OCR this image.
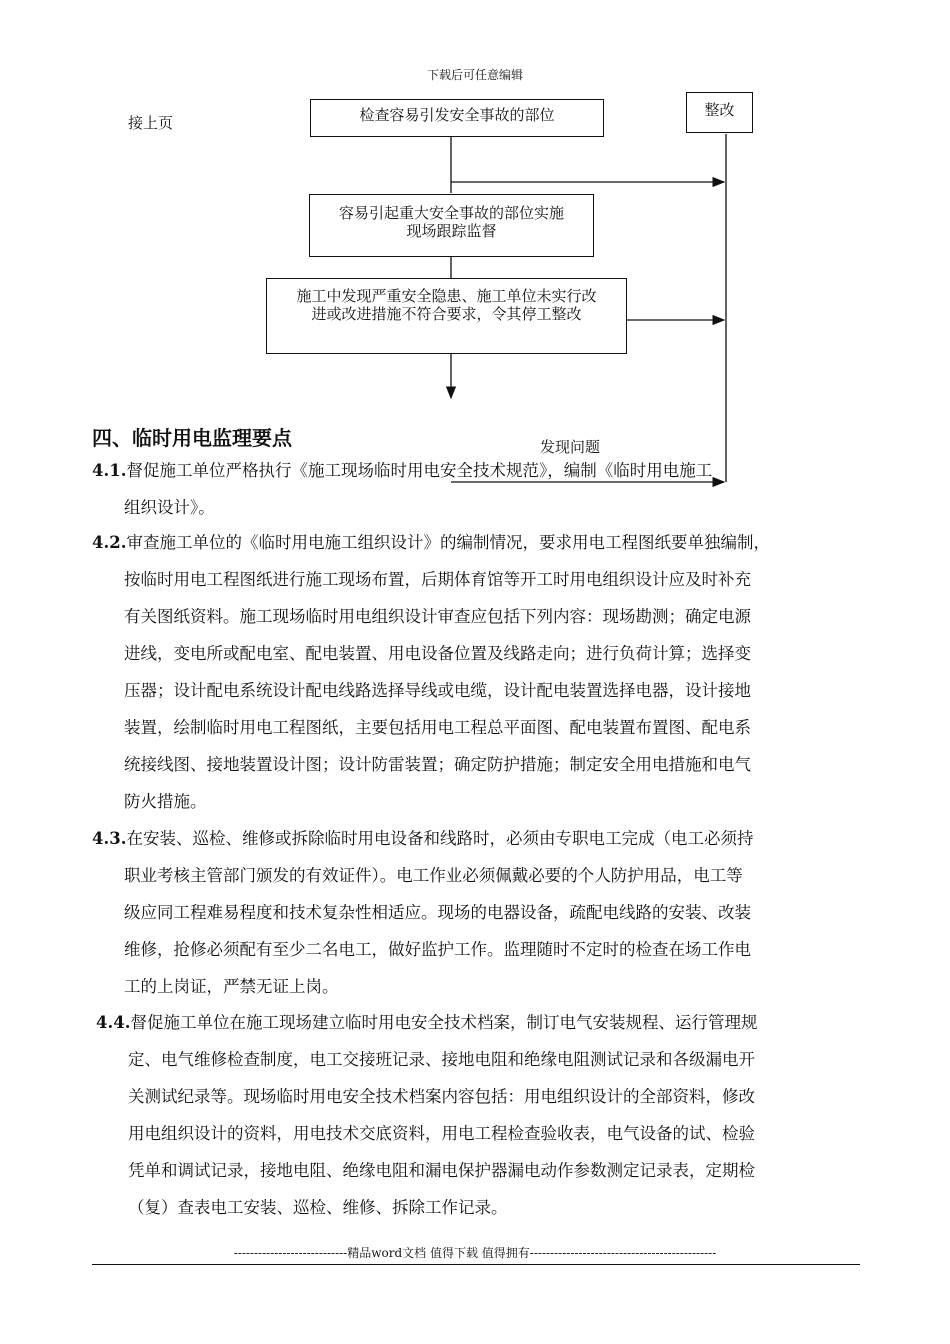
下载后可任意编辑
接上页	检查容易引发安全事故的部位	整改
容易引起重大安全事故的部位实施
现场跟踪监督
施工中发现严重安全隐患、施工单位未实行改
进或改进措施不符合要求，令其停工整改
发现问题
四、临时用电监理要点
4.1.督促施工单位严格执行《施工现场临时用电安全技术规范》，编制《临时用电施工
组织设计》。
4.2.审查施工单位的《临时用电施工组织设计》的编制情况，要求用电工程图纸要单独编制，
按临时用电工程图纸进行施工现场布置，后期体育馆等开工时用电组织设计应及时补充
有关图纸资料。施工现场临时用电组织设计审查应包括下列内容：现场勘测；确定电源
进线，变电所或配电室、配电装置、用电设备位置及线路走向；进行负荷计算；选择变
压器；设计配电系统设计配电线路选择导线或电缆，设计配电装置选择电器，设计接地
装置，绘制临时用电工程图纸，主要包括用电工程总平面图、配电装置布置图、配电系
统接线图、接地装置设计图；设计防雷装置；确定防护措施；制定安全用电措施和电气
防火措施。
4.3.在安装、巡检、维修或拆除临时用电设备和线路时，必须由专职电工完成（电工必须持
职业考核主管部门颁发的有效证件）。电工作业必须佩戴必要的个人防护用品，电工等
级应同工程难易程度和技术复杂性相适应。现场的电器设备，疏配电线路的安装、改装
维修，抢修必须配有至少二名电工，做好监护工作。监理随时不定时的检查在场工作电
工的上岗证，严禁无证上岗。
4.4.督促施工单位在施工现场建立临时用电安全技术档案，制订电气安装规程、运行管理规
定、电气维修检查制度，电工交接班记录、接地电阻和绝缘电阻测试记录和各级漏电开
关测试纪录等。现场临时用电安全技术档案内容包括：用电组织设计的全部资料，修改
用电组织设计的资料，用电技术交底资料，用电工程检查验收表，电气设备的试、检验
凭单和调试记录，接地电阻、绝缘电阻和漏电保护器漏电动作参数测定记录表，定期检
（复）查表电工安装、巡检、维修、拆除工作记录。
----------------------------精品word文档 值得下载 值得拥有----------------------------------------------
